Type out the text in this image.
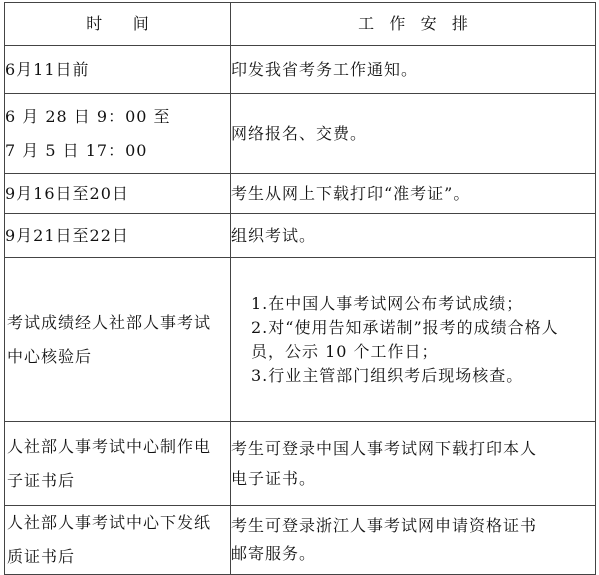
时      间	工   作   安   排
6月11日前	印发我省考务工作通知。

6 月 28 日 9：00 至
7 月 5 日 17：00	网络报名、交费。
9月16日至20日	考生从网上下载打印“准考证”。
9月21日至22日	组织考试。

考试成绩经人社部人事考试
中心核验后	1.在中国人事考试网公布考试成绩；
2.对“使用告知承诺制”报考的成绩合格人
员，公示 10 个工作日；
3.行业主管部门组织考后现场核查。

人社部人事考试中心制作电
子证书后	考生可登录中国人事考试网下载打印本人
电子证书。

人社部人事考试中心下发纸
质证书后	考生可登录浙江人事考试网申请资格证书
邮寄服务。
